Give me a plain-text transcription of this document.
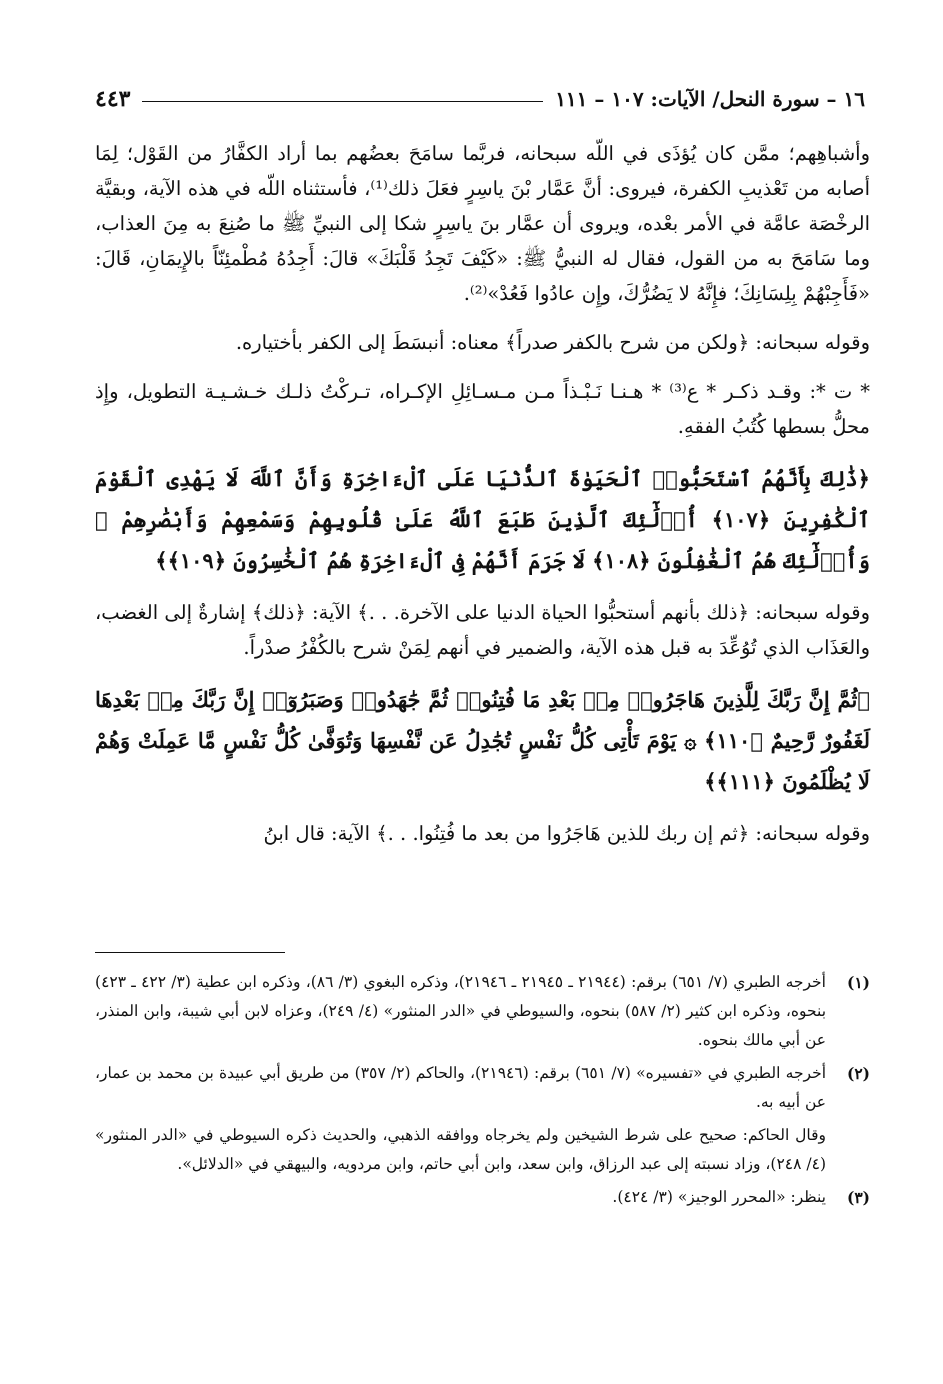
١٦ – سورة النحل/ الآيات: ١٠٧ – ١١١
٤٤٣

وأشباهِهم؛ ممَّن كان يُؤذَى في اللّه سبحانه، فربَّما سامَحَ بعضُهم بما أراد الكفَّارُ من القَوْل؛ لِمَا أصابه من تَعْذيبِ الكفرة، فيروى: أنَّ عَمَّار بْنَ ياسِرٍ فعَلَ ذلك⁽¹⁾، فأستثناه اللّه في هذه الآية، وبقيَّة الرخْصَة عامَّة في الأمر بعْده، ويروى أن عمَّار بنَ ياسِرٍ شكا إلى النبيِّ ﷺ ما صُنِعَ به مِنَ العذاب، وما سَامَحَ به من القول، فقال له النبيُّ ﷺ: «كَيْفَ تَجِدُ قَلْبَكَ» قالَ: أَجِدُهُ مُطْمئِنّاً بالإِيمَانِ، قَالَ: «فَأَجِبْهُمْ بِلِسَانِكَ؛ فإِنَّهُ لا يَضُرُّكَ، وإِن عادُوا فَعُدْ»⁽²⁾.

وقوله سبحانه: ﴿ولكن من شرح بالكفر صدراً﴾ معناه: أنبسَطَ إلى الكفر بأختياره.

* ت *: وقـد ذكـر * ع⁽³⁾ * هـنـا نَـبْـذاً مـن مـسـائِلِ الإكـراه، تـركْتُ ذلـك خـشـيـة التطويل، وإِذ محلُّ بسطها كُتُبُ الفقهِ.

﴿ذَٰلِكَ بِأَنَّهُمُ ٱسْتَحَبُّوا۟ ٱلْحَيَوٰةَ ٱلدُّنْيَا عَلَى ٱلْءَاخِرَةِ وَأَنَّ ٱللَّهَ لَا يَهْدِى ٱلْقَوْمَ ٱلْكَٰفِرِينَ ﴿١٠٧﴾ أُو۟لَٰٓئِكَ ٱلَّذِينَ طَبَعَ ٱللَّهُ عَلَىٰ قُلُوبِهِمْ وَسَمْعِهِمْ وَأَبْصَٰرِهِمْ ۖ وَأُو۟لَٰٓئِكَ هُمُ ٱلْغَٰفِلُونَ ﴿١٠٨﴾ لَا جَرَمَ أَنَّهُمْ فِى ٱلْءَاخِرَةِ هُمُ ٱلْخَٰسِرُونَ ﴿١٠٩﴾﴾

وقوله سبحانه: ﴿ذلك بأنهم أستحبُّوا الحياة الدنيا على الآخرة. . .﴾ الآية: ﴿ذلك﴾ إشارةٌ إلى الغضب، والعَذَاب الذي تُوُعِّدَ به قبل هذه الآية، والضمير في أنهم لِمَنْ شرح بالكُفْرُ صدْراً.

﴿ثُمَّ إِنَّ رَبَّكَ لِلَّذِينَ هَاجَرُوا۟ مِنۢ بَعْدِ مَا فُتِنُوا۟ ثُمَّ جَٰهَدُوا۟ وَصَبَرُوٓا۟ إِنَّ رَبَّكَ مِنۢ بَعْدِهَا لَغَفُورٌ رَّحِيمٌ ﴿١١٠﴾ ۞ يَوْمَ تَأْتِى كُلُّ نَفْسٍ تُجَٰدِلُ عَن نَّفْسِهَا وَتُوَفَّىٰ كُلُّ نَفْسٍ مَّا عَمِلَتْ وَهُمْ لَا يُظْلَمُونَ ﴿١١١﴾﴾

وقوله سبحانه: ﴿ثم إن ربك للذين هَاجَرُوا من بعد ما فُتِنُوا. . .﴾ الآية: قال ابنُ

(١)
أخرجه الطبري (٧/ ٦٥١) برقم: (٢١٩٤٤ ـ ٢١٩٤٥ ـ ٢١٩٤٦)، وذكره البغوي (٣/ ٨٦)، وذكره ابن عطية (٣/ ٤٢٢ ـ ٤٢٣) بنحوه، وذكره ابن كثير (٢/ ٥٨٧) بنحوه، والسيوطي في «الدر المنثور» (٤/ ٢٤٩)، وعزاه لابن أبي شيبة، وابن المنذر، عن أبي مالك بنحوه.
(٢)
أخرجه الطبري في «تفسيره» (٧/ ٦٥١) برقم: (٢١٩٤٦)، والحاكم (٢/ ٣٥٧) من طريق أبي عبيدة بن محمد بن عمار، عن أبيه به.
وقال الحاكم: صحيح على شرط الشيخين ولم يخرجاه ووافقه الذهبي، والحديث ذكره السيوطي في «الدر المنثور» (٤/ ٢٤٨)، وزاد نسبته إلى عبد الرزاق، وابن سعد، وابن أبي حاتم، وابن مردويه، والبيهقي في «الدلائل».
(٣)
ينظر: «المحرر الوجيز» (٣/ ٤٢٤).
